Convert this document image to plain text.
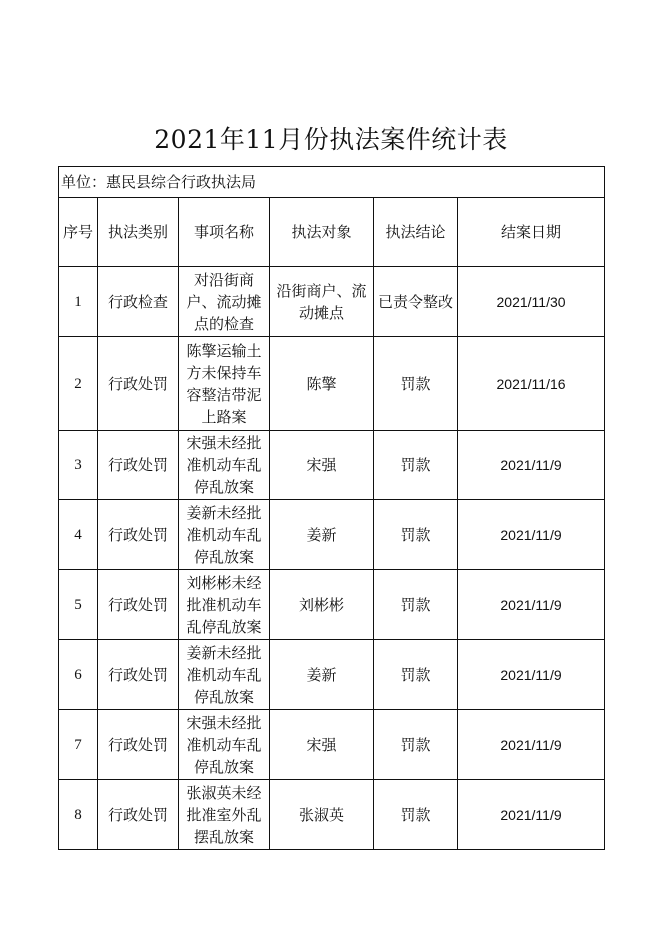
2021年11月份执法案件统计表
单位：惠民县综合行政执法局					
序号	执法类别	事项名称	执法对象	执法结论	结案日期
1	行政检查	对沿街商户、流动摊点的检查	沿街商户、流动摊点	已责令整改	2021/11/30
2	行政处罚	陈擎运输土方未保持车容整洁带泥上路案	陈擎	罚款	2021/11/16
3	行政处罚	宋强未经批准机动车乱停乱放案	宋强	罚款	2021/11/9
4	行政处罚	姜新未经批准机动车乱停乱放案	姜新	罚款	2021/11/9
5	行政处罚	刘彬彬未经批准机动车乱停乱放案	刘彬彬	罚款	2021/11/9
6	行政处罚	姜新未经批准机动车乱停乱放案	姜新	罚款	2021/11/9
7	行政处罚	宋强未经批准机动车乱停乱放案	宋强	罚款	2021/11/9
8	行政处罚	张淑英未经批准室外乱摆乱放案	张淑英	罚款	2021/11/9
